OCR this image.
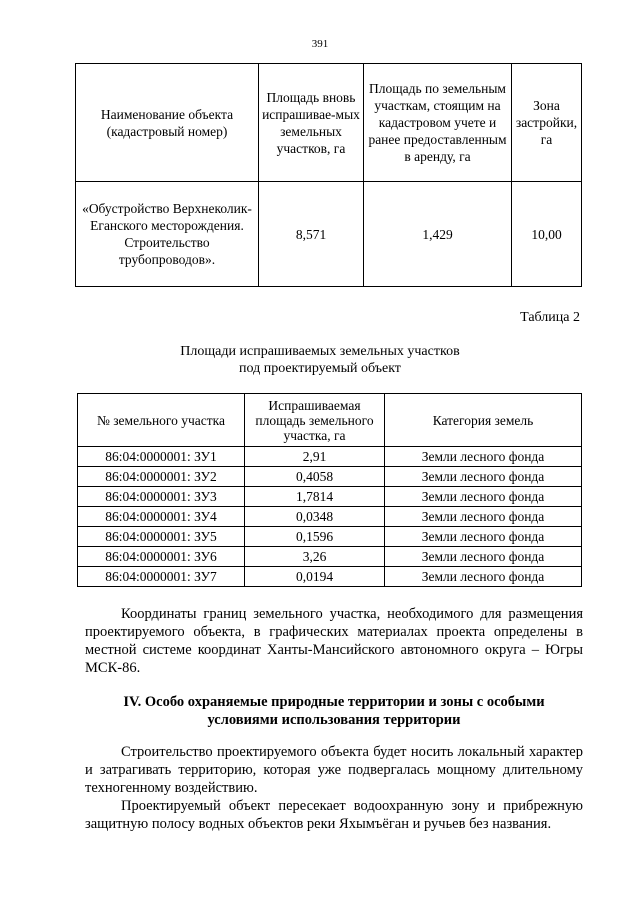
391
Наименование объекта (кадастровый номер)	Площадь вновь испрашивае-мых земельных участков, га	Площадь по земельным участкам, стоящим на кадастровом учете и ранее предоставленным в аренду, га	Зона застройки, га
«Обустройство Верхнеколик-Еганского месторождения. Строительство трубопроводов».	8,571	1,429	10,00
Таблица 2
Площади испрашиваемых земельных участков
под проектируемый объект
№ земельного участка	Испрашиваемая площадь земельного участка, га	Категория земель
86:04:0000001: ЗУ1	2,91	Земли лесного фонда
86:04:0000001: ЗУ2	0,4058	Земли лесного фонда
86:04:0000001: ЗУ3	1,7814	Земли лесного фонда
86:04:0000001: ЗУ4	0,0348	Земли лесного фонда
86:04:0000001: ЗУ5	0,1596	Земли лесного фонда
86:04:0000001: ЗУ6	3,26	Земли лесного фонда
86:04:0000001: ЗУ7	0,0194	Земли лесного фонда
Координаты границ земельного участка, необходимого для размещения проектируемого объекта, в графических материалах проекта определены в местной системе координат Ханты-Мансийского автономного округа – Югры МСК-86.
IV. Особо охраняемые природные территории и зоны с особыми
условиями использования территории
Строительство проектируемого объекта будет носить локальный характер и затрагивать территорию, которая уже подвергалась мощному длительному техногенному воздействию.
Проектируемый объект пересекает водоохранную зону и прибрежную защитную полосу водных объектов реки Яхымъёган и ручьев без названия.
